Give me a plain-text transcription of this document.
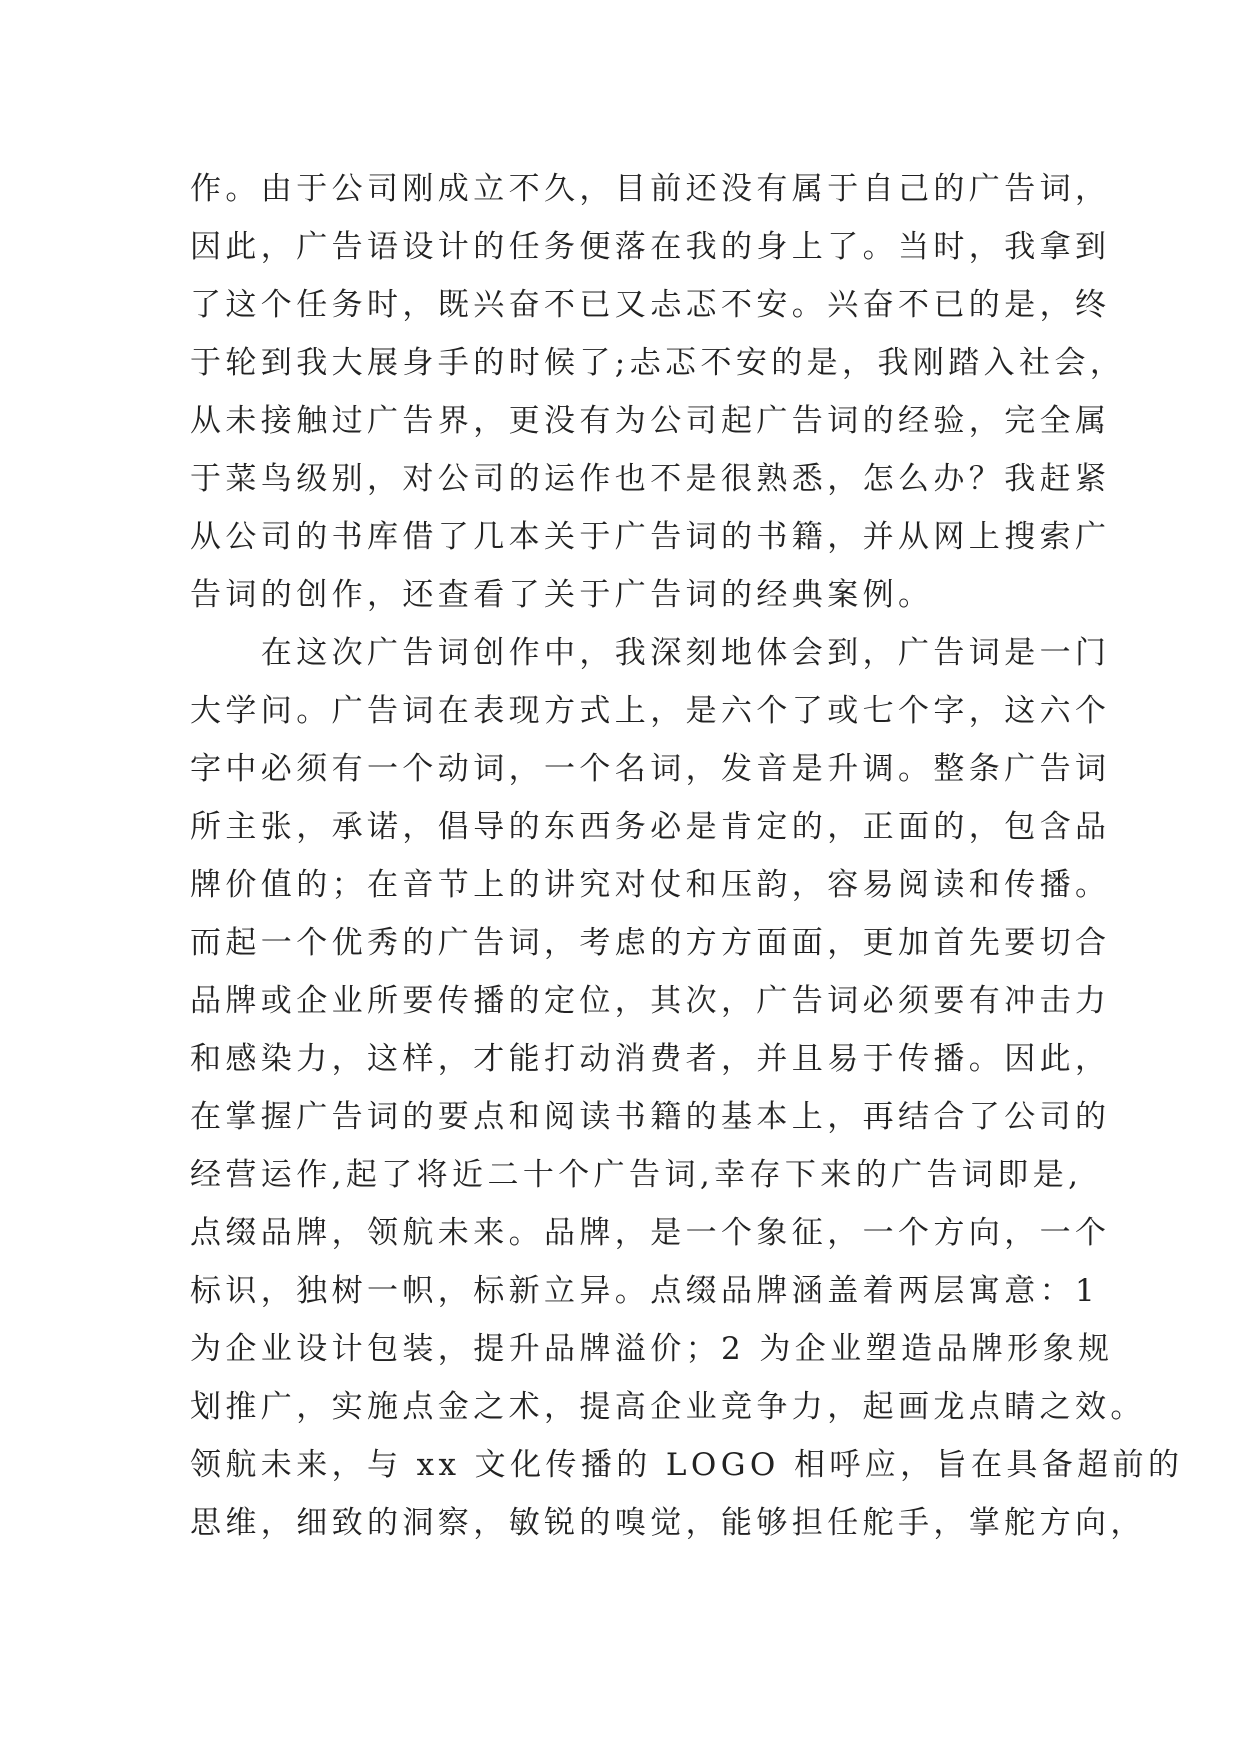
作。由于公司刚成立不久，目前还没有属于自己的广告词，
因此，广告语设计的任务便落在我的身上了。当时，我拿到
了这个任务时，既兴奋不已又忐忑不安。兴奋不已的是，终
于轮到我大展身手的时候了;忐忑不安的是，我刚踏入社会，
从未接触过广告界，更没有为公司起广告词的经验，完全属
于菜鸟级别，对公司的运作也不是很熟悉，怎么办？我赶紧
从公司的书库借了几本关于广告词的书籍，并从网上搜索广
告词的创作，还查看了关于广告词的经典案例。
　　在这次广告词创作中，我深刻地体会到，广告词是一门
大学问。广告词在表现方式上，是六个了或七个字，这六个
字中必须有一个动词，一个名词，发音是升调。整条广告词
所主张，承诺，倡导的东西务必是肯定的，正面的，包含品
牌价值的；在音节上的讲究对仗和压韵，容易阅读和传播。
而起一个优秀的广告词，考虑的方方面面，更加首先要切合
品牌或企业所要传播的定位，其次，广告词必须要有冲击力
和感染力，这样，才能打动消费者，并且易于传播。因此，
在掌握广告词的要点和阅读书籍的基本上，再结合了公司的
经营运作,起了将近二十个广告词,幸存下来的广告词即是,
点缀品牌，领航未来。品牌，是一个象征，一个方向，一个
标识，独树一帜，标新立异。点缀品牌涵盖着两层寓意：1
为企业设计包装，提升品牌溢价；2 为企业塑造品牌形象规
划推广，实施点金之术，提高企业竞争力，起画龙点睛之效。
领航未来，与 xx 文化传播的 LOGO 相呼应，旨在具备超前的
思维，细致的洞察，敏锐的嗅觉，能够担任舵手，掌舵方向，
